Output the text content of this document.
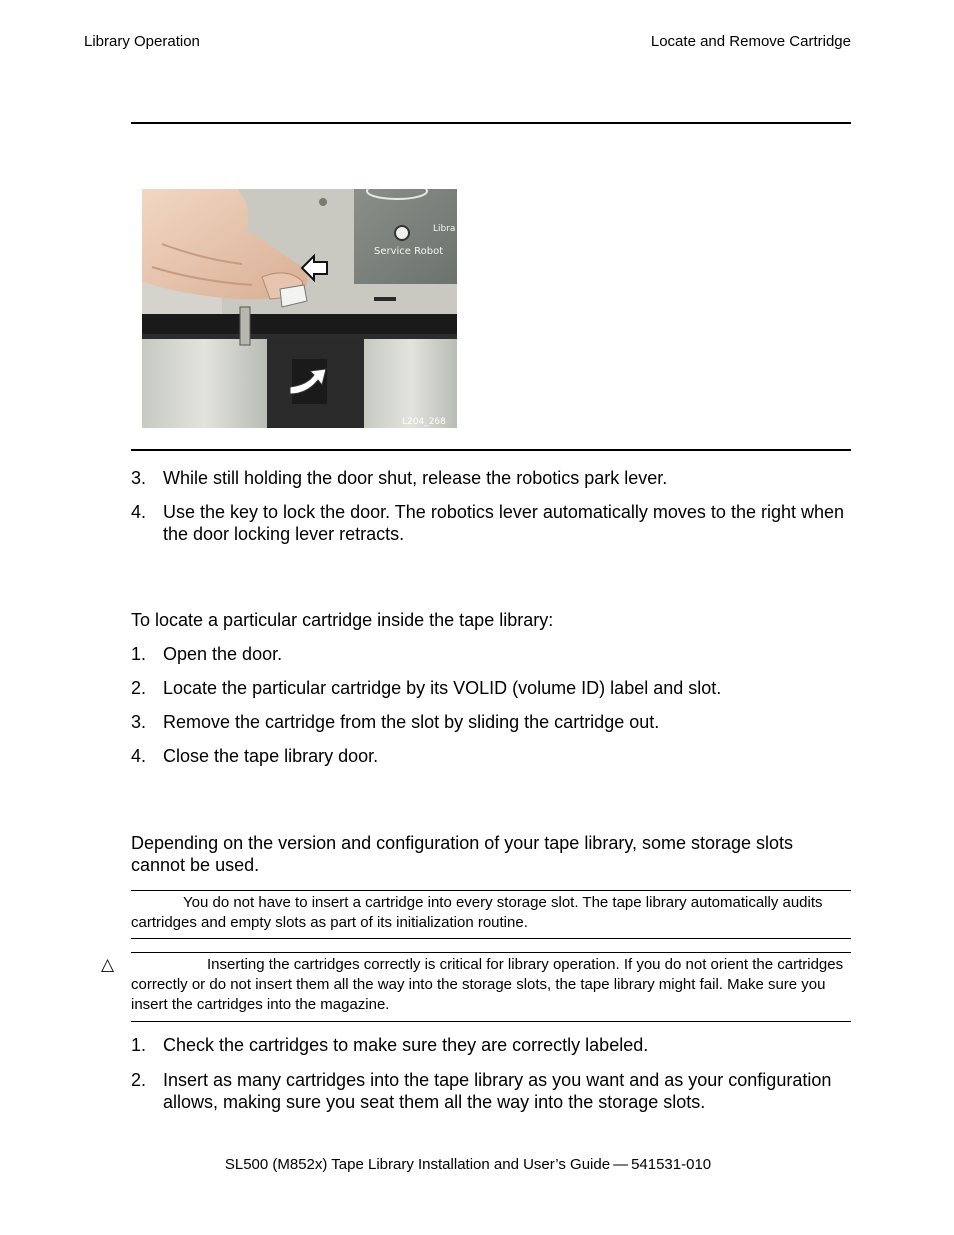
Library Operation	Locate and Remove Cartridge
Service Robot
Libra
L204_268
3. While still holding the door shut, release the robotics park lever.
4. Use the key to lock the door. The robotics lever automatically moves to the right when the door locking lever retracts.
To locate a particular cartridge inside the tape library:
1. Open the door.
2. Locate the particular cartridge by its VOLID (volume ID) label and slot.
3. Remove the cartridge from the slot by sliding the cartridge out.
4. Close the tape library door.
Depending on the version and configuration of your tape library, some storage slots cannot be used.
You do not have to insert a cartridge into every storage slot. The tape library automatically audits cartridges and empty slots as part of its initialization routine.
△	Inserting the cartridges correctly is critical for library operation. If you do not orient the cartridges correctly or do not insert them all the way into the storage slots, the tape library might fail. Make sure you insert the cartridges into the magazine.
1. Check the cartridges to make sure they are correctly labeled.
2. Insert as many cartridges into the tape library as you want and as your configuration allows, making sure you seat them all the way into the storage slots.
SL500 (M852x) Tape Library Installation and User’s Guide — 541531-010
